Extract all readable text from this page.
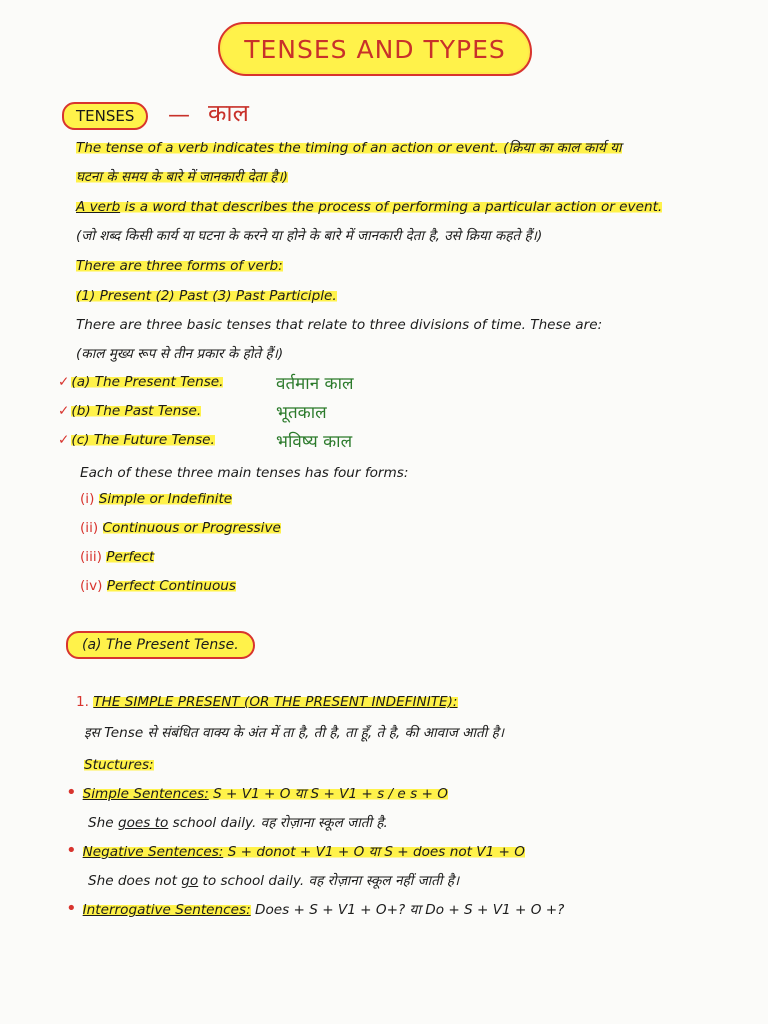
TENSES AND TYPES
TENSES	— काल
The tense of a verb indicates the timing of an action or event. (क्रिया का काल कार्य या
घटना के समय के बारे में जानकारी देता है।)
A verb is a word that describes the process of performing a particular action or event.
(जो शब्द किसी कार्य या घटना के करने या होने के बारे में जानकारी देता है, उसे क्रिया कहते हैं।)
There are three forms of verb:
(1) Present (2) Past (3) Past Participle.
There are three basic tenses that relate to three divisions of time. These are:
(काल मुख्य रूप से तीन प्रकार के होते हैं।)
✓ (a) The Present Tense.	वर्तमान काल
✓ (b) The Past Tense.	भूतकाल
✓ (c) The Future Tense.	भविष्य काल
Each of these three main tenses has four forms:
(i) Simple or Indefinite
(ii) Continuous or Progressive
(iii) Perfect
(iv) Perfect Continuous
(a) The Present Tense.
1. THE SIMPLE PRESENT (OR THE PRESENT INDEFINITE):
इस Tense से संबंधित वाक्य के अंत में ता है, ती है, ता हूँ, ते है, की आवाज आती है।
Stuctures:
• Simple Sentences: S + V1 + O या S + V1 + s / e s + O
She goes to school daily. वह रोज़ाना स्कूल जाती है.
• Negative Sentences: S + donot + V1 + O या S + does not V1 + O
She does not go to school daily. वह रोज़ाना स्कूल नहीं जाती है।
• Interrogative Sentences: Does + S + V1 + O+? या Do + S + V1 + O +?
